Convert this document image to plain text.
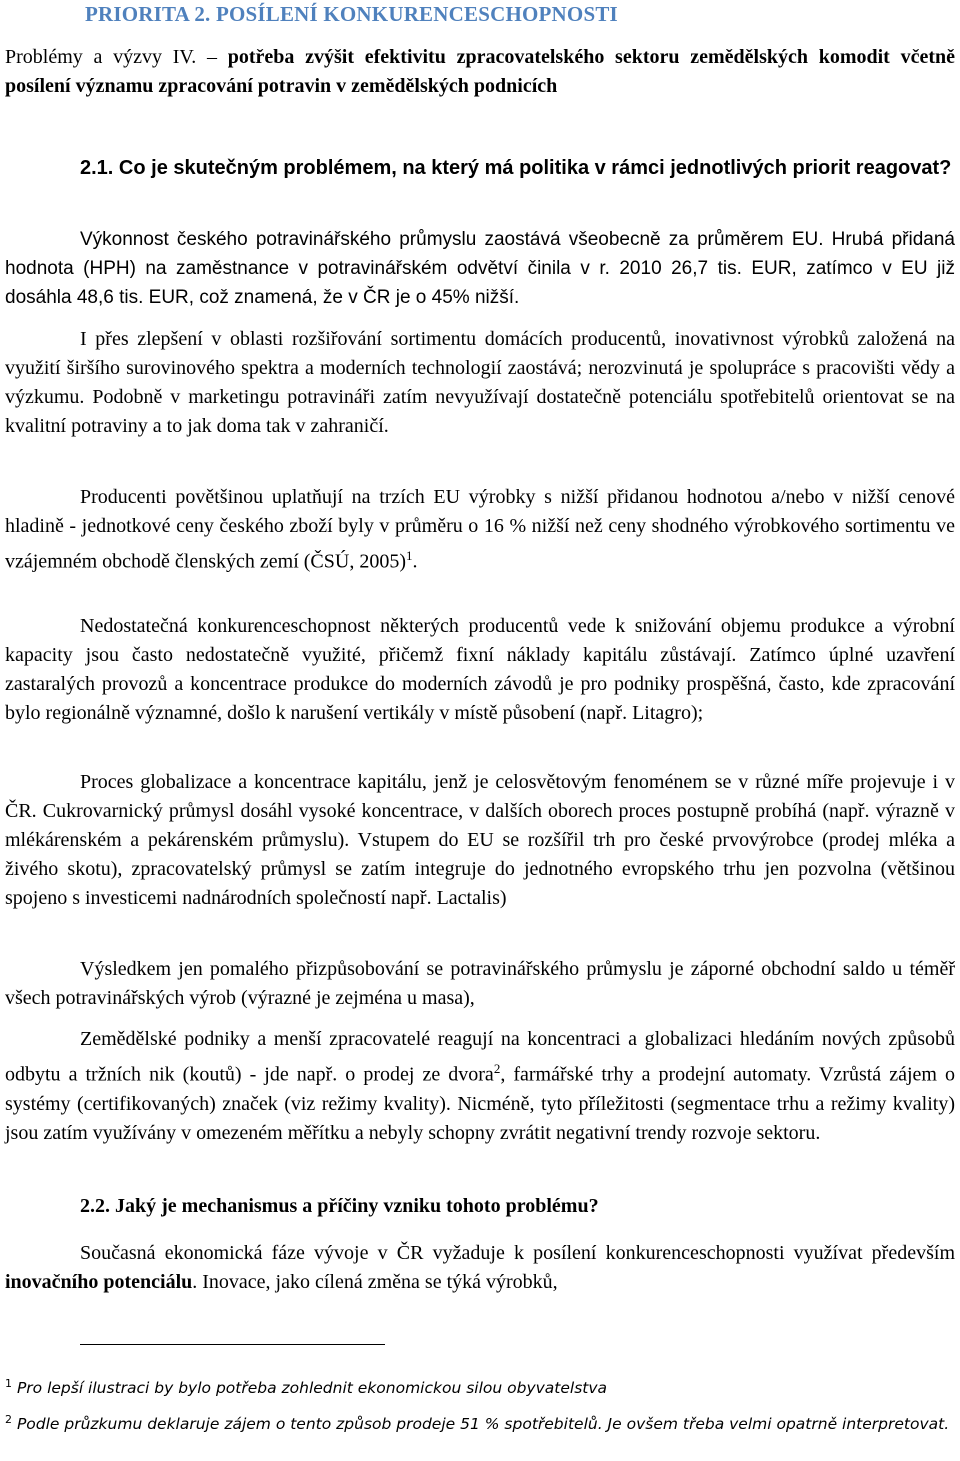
PRIORITA 2. POSÍLENÍ KONKURENCESCHOPNOSTI
Problémy a výzvy IV. – potřeba zvýšit efektivitu zpracovatelského sektoru zemědělských komodit včetně posílení významu zpracování potravin v zemědělských podnicích
2.1. Co je skutečným problémem, na který má politika v rámci jednotlivých priorit reagovat?
Výkonnost českého potravinářského průmyslu zaostává všeobecně za průměrem EU. Hrubá přidaná hodnota (HPH) na zaměstnance v potravinářském odvětví činila v r. 2010 26,7 tis. EUR, zatímco v EU již dosáhla 48,6 tis. EUR, což znamená, že v ČR je o 45% nižší.
I přes zlepšení v oblasti rozšiřování sortimentu domácích producentů, inovativnost výrobků založená na využití širšího surovinového spektra a moderních technologií zaostává; nerozvinutá je spolupráce s pracovišti vědy a výzkumu. Podobně v marketingu potravináři zatím nevyužívají dostatečně potenciálu spotřebitelů orientovat se na kvalitní potraviny a to jak doma tak v zahraničí.
Producenti povětšinou uplatňují na trzích EU výrobky s nižší přidanou hodnotou a/nebo v nižší cenové hladině - jednotkové ceny českého zboží byly v průměru o 16 % nižší než ceny shodného výrobkového sortimentu ve vzájemném obchodě členských zemí (ČSÚ, 2005)$^1$.
Nedostatečná konkurenceschopnost některých producentů vede k snižování objemu produkce a výrobní kapacity jsou často nedostatečně využité, přičemž fixní náklady kapitálu zůstávají. Zatímco úplné uzavření zastaralých provozů a koncentrace produkce do moderních závodů je pro podniky prospěšná, často, kde zpracování bylo regionálně významné, došlo k narušení vertikály v místě působení (např. Litagro);
Proces globalizace a koncentrace kapitálu, jenž je celosvětovým fenoménem se v různé míře projevuje i v ČR. Cukrovarnický průmysl dosáhl vysoké koncentrace, v dalších oborech proces postupně probíhá (např. výrazně v mlékárenském a pekárenském průmyslu). Vstupem do EU se rozšířil trh pro české prvovýrobce (prodej mléka a živého skotu), zpracovatelský průmysl se zatím integruje do jednotného evropského trhu jen pozvolna (většinou spojeno s investicemi nadnárodních společností např. Lactalis)
Výsledkem jen pomalého přizpůsobování se potravinářského průmyslu je záporné obchodní saldo u téměř všech potravinářských výrob (výrazné je zejména u masa),
Zemědělské podniky a menší zpracovatelé reagují na koncentraci a globalizaci hledáním nových způsobů odbytu a tržních nik (koutů) - jde např. o prodej ze dvora$^2$, farmářské trhy a prodejní automaty. Vzrůstá zájem o systémy (certifikovaných) značek (viz režimy kvality). Nicméně, tyto příležitosti (segmentace trhu a režimy kvality) jsou zatím využívány v omezeném měřítku a nebyly schopny zvrátit negativní trendy rozvoje sektoru.
2.2. Jaký je mechanismus a příčiny vzniku tohoto problému?
Současná ekonomická fáze vývoje v ČR vyžaduje k posílení konkurenceschopnosti využívat především inovačního potenciálu. Inovace, jako cílená změna se týká výrobků,
$^1$ Pro lepší ilustraci by bylo potřeba zohlednit ekonomickou silou obyvatelstva
$^2$ Podle průzkumu deklaruje zájem o tento způsob prodeje 51 % spotřebitelů. Je ovšem třeba velmi opatrně interpretovat.
